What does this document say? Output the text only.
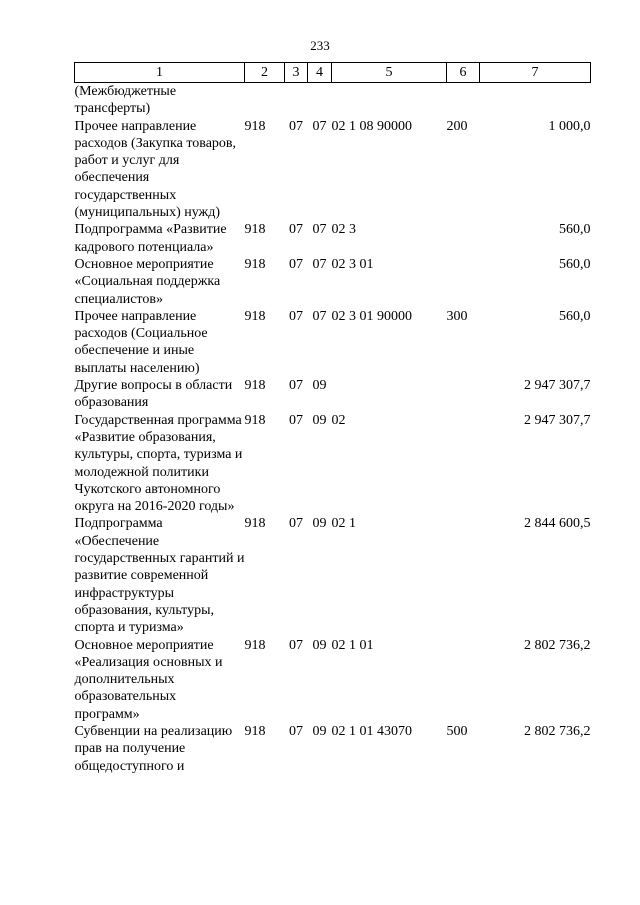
233
1	2	3	4	5	6	7
(Межбюджетные трансферты)						
Прочее направление расходов (Закупка товаров, работ и услуг для обеспечения государственных (муниципальных) нужд)	918	07	07	02 1 08 90000	200	1 000,0
Подпрограмма «Развитие кадрового потенциала»	918	07	07	02 3		560,0
Основное мероприятие «Социальная поддержка специалистов»	918	07	07	02 3 01		560,0
Прочее направление расходов (Социальное обеспечение и иные выплаты населению)	918	07	07	02 3 01 90000	300	560,0
Другие вопросы в области образования	918	07	09			2 947 307,7
Государственная программа «Развитие образования, культуры, спорта, туризма и молодежной политики Чукотского автономного округа на 2016-2020 годы»	918	07	09	02		2 947 307,7
Подпрограмма «Обеспечение государственных гарантий и развитие современной инфраструктуры образования, культуры, спорта и туризма»	918	07	09	02 1		2 844 600,5
Основное мероприятие «Реализация основных и дополнительных образовательных программ»	918	07	09	02 1 01		2 802 736,2
Субвенции на реализацию прав на получение общедоступного и	918	07	09	02 1 01 43070	500	2 802 736,2
